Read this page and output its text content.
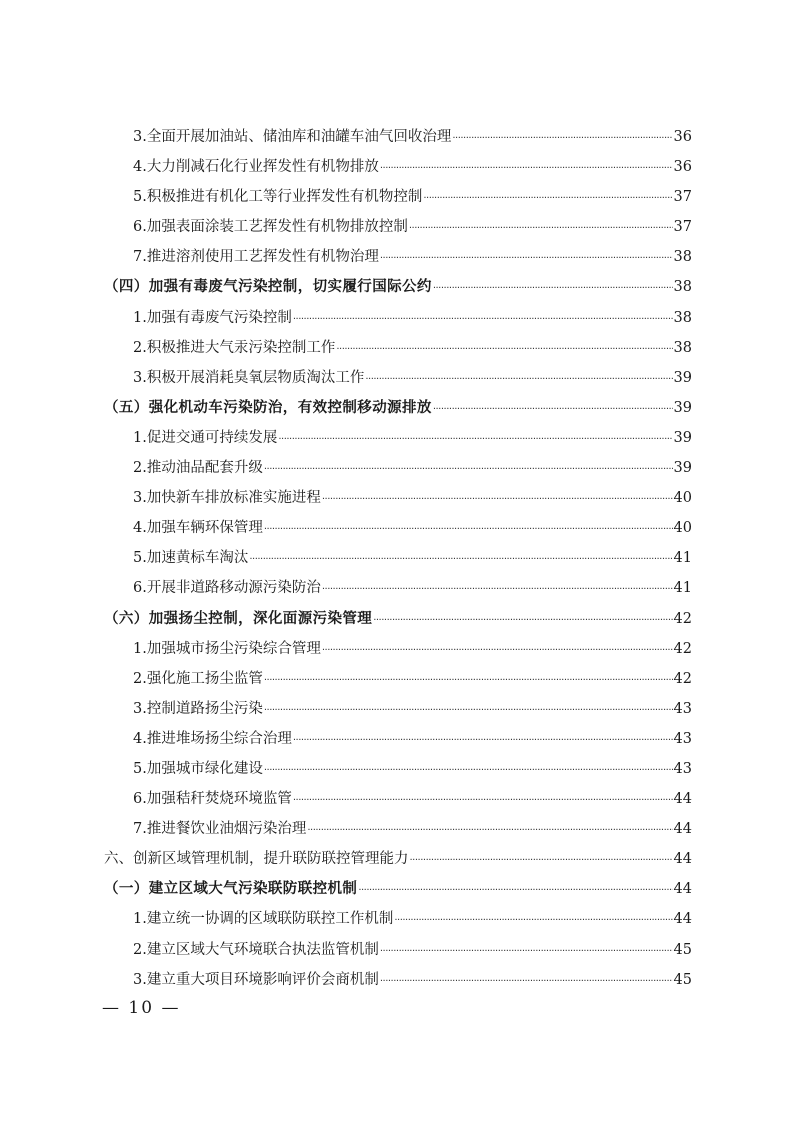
3.全面开展加油站、储油库和油罐车油气回收治理 ·····	36
4.大力削减石化行业挥发性有机物排放 ·····	36
5.积极推进有机化工等行业挥发性有机物控制 ·····	37
6.加强表面涂装工艺挥发性有机物排放控制 ·····	37
7.推进溶剂使用工艺挥发性有机物治理 ·····	38
（四）加强有毒废气污染控制，切实履行国际公约 ·····	38
1.加强有毒废气污染控制 ·····	38
2.积极推进大气汞污染控制工作 ·····	38
3.积极开展消耗臭氧层物质淘汰工作 ·····	39
（五）强化机动车污染防治，有效控制移动源排放 ·····	39
1.促进交通可持续发展 ·····	39
2.推动油品配套升级 ·····	39
3.加快新车排放标准实施进程 ·····	40
4.加强车辆环保管理 ·····	40
5.加速黄标车淘汰 ·····	41
6.开展非道路移动源污染防治 ·····	41
（六）加强扬尘控制，深化面源污染管理 ·····	42
1.加强城市扬尘污染综合管理 ·····	42
2.强化施工扬尘监管 ·····	42
3.控制道路扬尘污染 ·····	43
4.推进堆场扬尘综合治理 ·····	43
5.加强城市绿化建设 ·····	43
6.加强秸秆焚烧环境监管 ·····	44
7.推进餐饮业油烟污染治理 ·····	44
六、创新区域管理机制，提升联防联控管理能力 ·····	44
（一）建立区域大气污染联防联控机制 ·····	44
1.建立统一协调的区域联防联控工作机制 ·····	44
2.建立区域大气环境联合执法监管机制 ·····	45
3.建立重大项目环境影响评价会商机制 ·····	45
— 10 —
